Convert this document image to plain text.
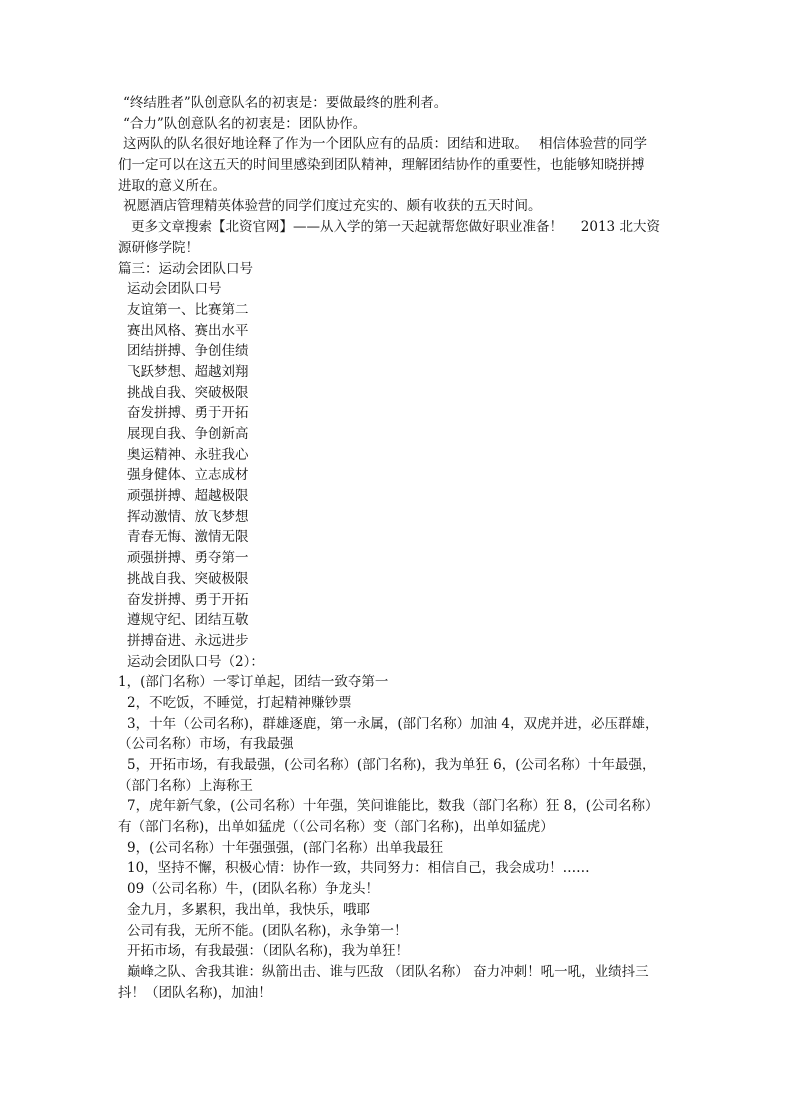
“终结胜者”队创意队名的初衷是：要做最终的胜利者。
“合力”队创意队名的初衷是：团队协作。
这两队的队名很好地诠释了作为一个团队应有的品质：团结和进取。　 相信体验营的同学
们一定可以在这五天的时间里感染到团队精神，理解团结协作的重要性，也能够知晓拼搏
进取的意义所在。
祝愿酒店管理精英体验营的同学们度过充实的、颇有收获的五天时间。
更多文章搜索【北资官网】——从入学的第一天起就帮您做好职业准备！　 2013 北大资
源研修学院！
篇三：运动会团队口号
运动会团队口号
友谊第一、比赛第二
赛出风格、赛出水平
团结拼搏、争创佳绩
飞跃梦想、超越刘翔
挑战自我、突破极限
奋发拼搏、勇于开拓
展现自我、争创新高
奥运精神、永驻我心
强身健体、立志成材
顽强拼搏、超越极限
挥动激情、放飞梦想
青春无悔、激情无限
顽强拼搏、勇夺第一
挑战自我、突破极限
奋发拼搏、勇于开拓
遵规守纪、团结互敬
拼搏奋进、永远进步
运动会团队口号（2）：
1，(部门名称）一零订单起，团结一致夺第一
2，不吃饭，不睡觉，打起精神赚钞票
3，十年（公司名称)，群雄逐鹿，第一永属，(部门名称）加油 4，双虎并进，必压群雄，
（公司名称）市场，有我最强
5，开拓市场，有我最强，(公司名称）(部门名称)，我为单狂 6，(公司名称）十年最强，
（部门名称）上海称王
7，虎年新气象，(公司名称）十年强，笑问谁能比，数我（部门名称）狂 8，(公司名称）
有（部门名称)，出单如猛虎（（公司名称）变（部门名称)，出单如猛虎）
9，(公司名称）十年强强强，(部门名称）出单我最狂
10，坚持不懈，积极心情：协作一致，共同努力：相信自己，我会成功！……
09（公司名称）牛，(团队名称）争龙头！
金九月，多累积，我出单，我快乐，哦耶
公司有我，无所不能。(团队名称)，永争第一！
开拓市场，有我最强：（团队名称)，我为单狂！
巅峰之队、舍我其谁：纵箭出击、谁与匹敌 （团队名称） 奋力冲刺！吼一吼，业绩抖三
抖！（团队名称)，加油！
